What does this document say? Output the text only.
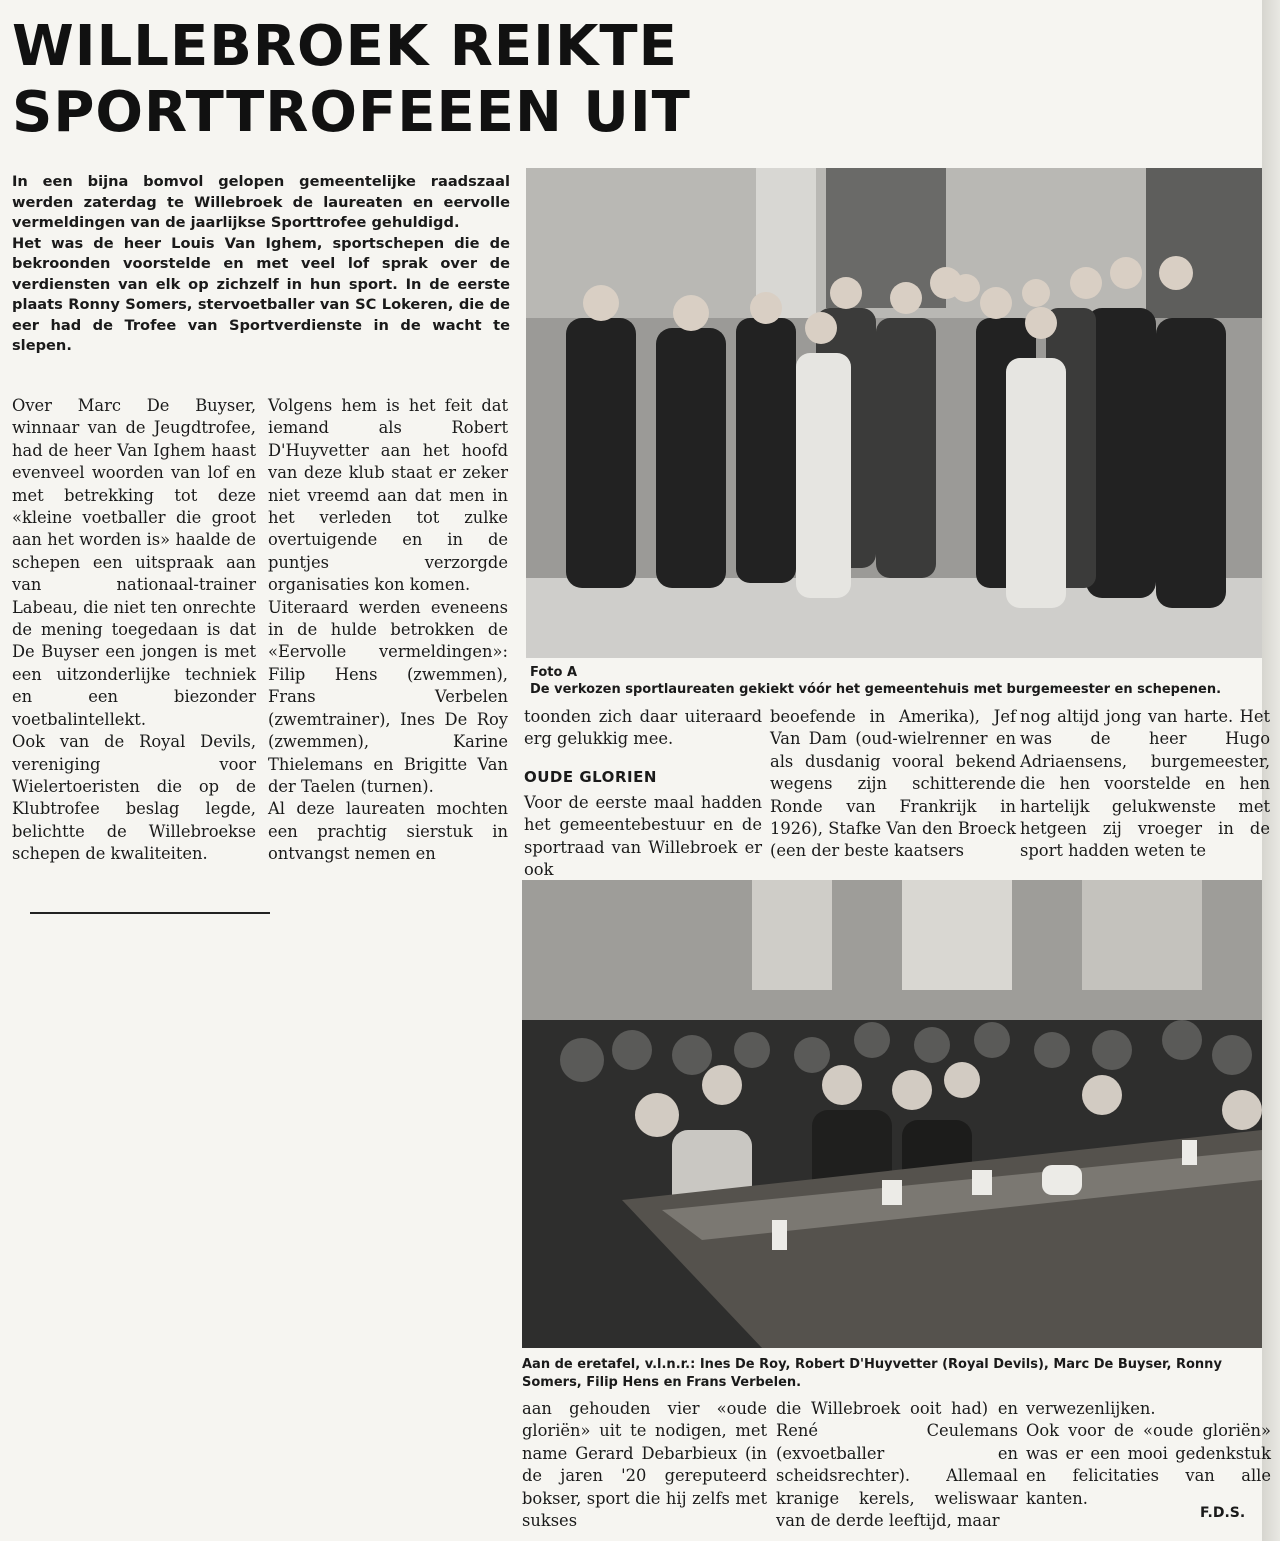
WILLEBROEK REIKTE
SPORTTROFEEEN UIT

In een bijna bomvol gelopen gemeentelijke raadszaal werden zaterdag te Willebroek de laureaten en eervolle vermeldingen van de jaarlijkse Sporttrofee gehuldigd.

Het was de heer Louis Van Ighem, sportschepen die de bekroonden voorstelde en met veel lof sprak over de verdiensten van elk op zichzelf in hun sport. In de eerste plaats Ronny Somers, stervoetballer van SC Lokeren, die de eer had de Trofee van Sportverdienste in de wacht te slepen.

Over Marc De Buyser, winnaar van de Jeugdtrofee, had de heer Van Ighem haast evenveel woorden van lof en met betrekking tot deze «kleine voetballer die groot aan het worden is» haalde de schepen een uitspraak aan van nationaal-trainer Labeau, die niet ten onrechte de mening toegedaan is dat De Buyser een jongen is met een uitzonderlijke techniek en een biezonder voetbalintellekt.

Ook van de Royal Devils, vereniging voor Wielertoeristen die op de Klubtrofee beslag legde, belichtte de Willebroekse schepen de kwaliteiten.

Volgens hem is het feit dat iemand als Robert D'Huyvetter aan het hoofd van deze klub staat er zeker niet vreemd aan dat men in het verleden tot zulke overtuigende en in de puntjes verzorgde organisaties kon komen.

Uiteraard werden eveneens in de hulde betrokken de «Eervolle vermeldingen»: Filip Hens (zwemmen), Frans Verbelen (zwemtrainer), Ines De Roy (zwemmen), Karine Thielemans en Brigitte Van der Taelen (turnen).

Al deze laureaten mochten een prachtig sierstuk in ontvangst nemen en

Foto A
De verkozen sportlaureaten gekiekt vóór het gemeentehuis met burgemeester en schepenen.
toonden zich daar uiteraard erg gelukkig mee.
OUDE GLORIEN
Voor de eerste maal hadden het gemeentebestuur en de sportraad van Willebroek er ook
beoefende in Amerika), Jef Van Dam (oud-wielrenner en als dusdanig vooral bekend wegens zijn schitterende Ronde van Frankrijk in 1926), Stafke Van den Broeck (een der beste kaatsers
nog altijd jong van harte. Het was de heer Hugo Adriaensens, burgemeester, die hen voorstelde en hen hartelijk gelukwenste met hetgeen zij vroeger in de sport hadden weten te
Aan de eretafel, v.l.n.r.: Ines De Roy, Robert D'Huyvetter (Royal Devils), Marc De Buyser, Ronny Somers, Filip Hens en Frans Verbelen.
aan gehouden vier «oude gloriën» uit te nodigen, met name Gerard Debarbieux (in de jaren '20 gereputeerd bokser, sport die hij zelfs met sukses
die Willebroek ooit had) en René Ceulemans (exvoetballer en scheidsrechter). Allemaal kranige kerels, weliswaar van de derde leeftijd, maar

verwezenlijken.

Ook voor de «oude gloriën» was er een mooi gedenkstuk en felicitaties van alle kanten.

F.D.S.
